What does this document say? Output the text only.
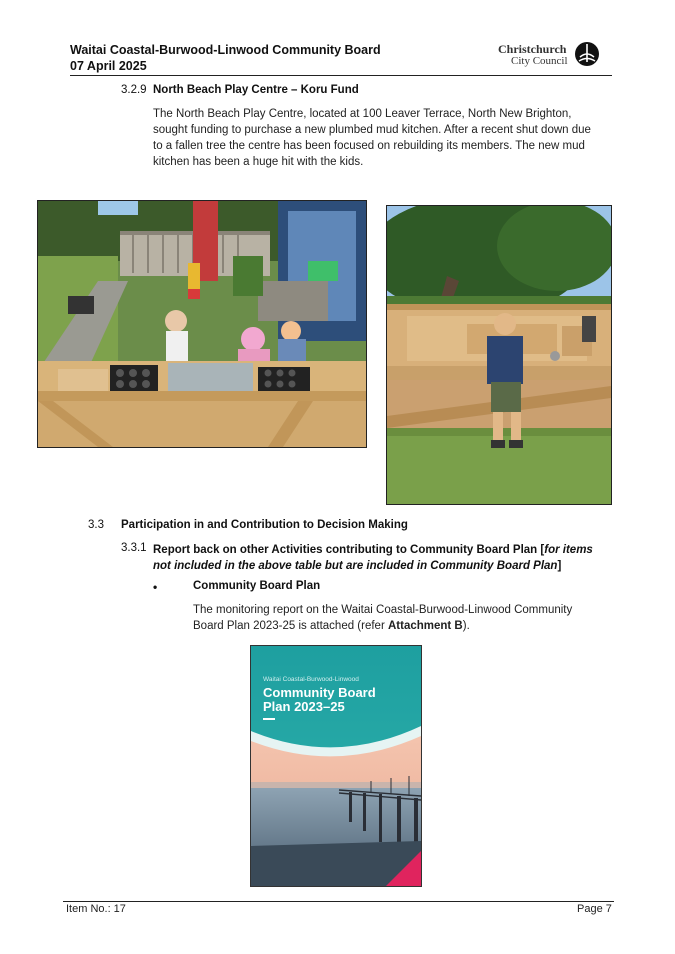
Waitai Coastal-Burwood-Linwood Community Board
07 April 2025
Christchurch
City Council
3.2.9 North Beach Play Centre – Koru Fund
The North Beach Play Centre, located at 100 Leaver Terrace, North New Brighton,
sought funding to purchase a new plumbed mud kitchen. After a recent shut down due
to a fallen tree the centre has been focused on rebuilding its members. The new mud
kitchen has been a huge hit with the kids.
3.3 Participation in and Contribution to Decision Making
3.3.1 Report back on other Activities contributing to Community Board Plan [for items
not included in the above table but are included in Community Board Plan]
•	Community Board Plan
The monitoring report on the Waitai Coastal-Burwood-Linwood Community
Board Plan 2023-25 is attached (refer Attachment B).
Waitai Coastal-Burwood-Linwood
Community Board
Plan 2023–25
Item No.: 17	Page 7
